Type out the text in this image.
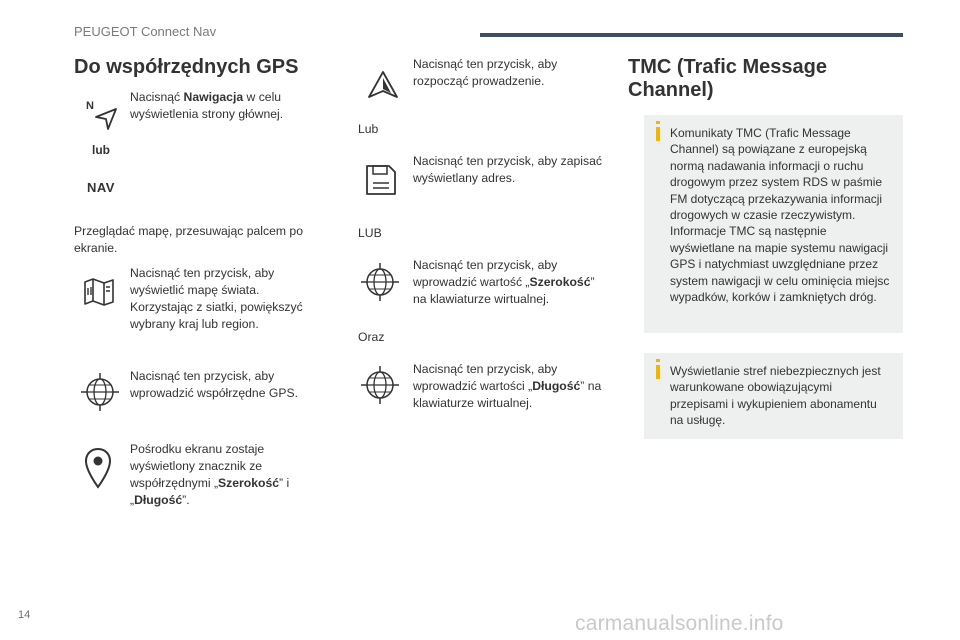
PEUGEOT Connect Nav
14	carmanualsonline.info
Do współrzędnych GPS
N
lub
NAV
Nacisnąć Nawigacja w celu wyświetlenia strony głównej.
Przeglądać mapę, przesuwając palcem po ekranie.
Nacisnąć ten przycisk, aby wyświetlić mapę świata. Korzystając z siatki, powiększyć wybrany kraj lub region.
Nacisnąć ten przycisk, aby wprowadzić współrzędne GPS.
Pośrodku ekranu zostaje wyświetlony znacznik ze współrzędnymi „Szerokość” i „Długość”.
Nacisnąć ten przycisk, aby rozpocząć prowadzenie.
Lub
Nacisnąć ten przycisk, aby zapisać wyświetlany adres.
LUB
Nacisnąć ten przycisk, aby wprowadzić wartość „Szerokość” na klawiaturze wirtualnej.
Oraz
Nacisnąć ten przycisk, aby wprowadzić wartości „Długość” na klawiaturze wirtualnej.
TMC (Trafic Message Channel)
Komunikaty TMC (Trafic Message Channel) są powiązane z europejską normą nadawania informacji o ruchu drogowym przez system RDS w paśmie FM dotyczącą przekazywania informacji drogowych w czasie rzeczywistym. Informacje TMC są następnie wyświetlane na mapie systemu nawigacji GPS i natychmiast uwzględniane przez system nawigacji w celu ominięcia miejsc wypadków, korków i zamkniętych dróg.
Wyświetlanie stref niebezpiecznych jest warunkowane obowiązującymi przepisami i wykupieniem abonamentu na usługę.
